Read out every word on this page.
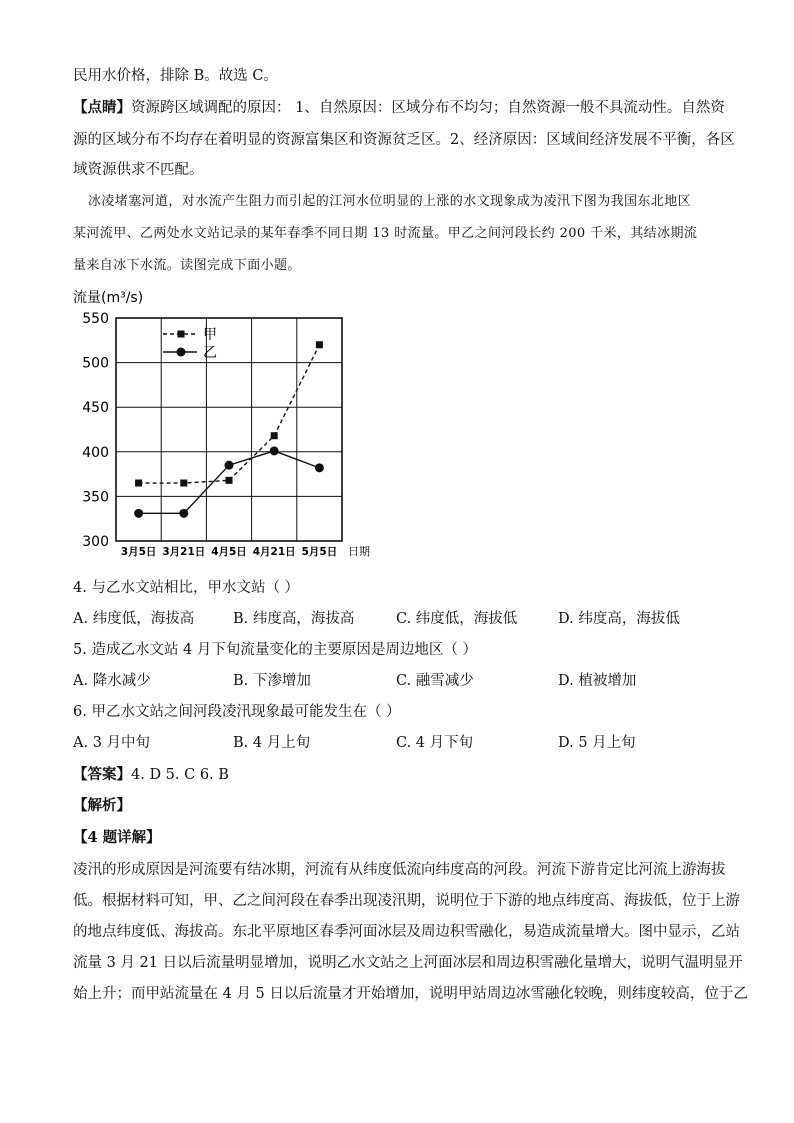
民用水价格，排除 B。故选 C。
【点睛】资源跨区域调配的原因： 1、自然原因：区域分布不均匀；自然资源一般不具流动性。自然资
源的区域分布不均存在着明显的资源富集区和资源贫乏区。2、经济原因：区域间经济发展不平衡，各区
域资源供求不匹配。
冰凌堵塞河道，对水流产生阻力而引起的江河水位明显的上涨的水文现象成为凌汛下图为我国东北地区
某河流甲、乙两处水文站记录的某年春季不同日期 13 时流量。甲乙之间河段长约 200 千米，其结冰期流
量来自冰下水流。读图完成下面小题。
550
500
450
400
350
300
3月5日 3月21日 4月5日 4月21日 5月5日
甲
乙
流量(m³/s)
日期
4. 与乙水文站相比，甲水文站（ ）
A. 纬度低，海拔高	B. 纬度高，海拔高	C. 纬度低，海拔低	D. 纬度高，海拔低
5. 造成乙水文站 4 月下旬流量变化的主要原因是周边地区（ ）
A. 降水减少	B. 下渗增加	C. 融雪减少	D. 植被增加
6. 甲乙水文站之间河段凌汛现象最可能发生在（ ）
A. 3 月中旬	B. 4 月上旬	C. 4 月下旬	D. 5 月上旬
【答案】4. D 5. C 6. B
【解析】
【4 题详解】
凌汛的形成原因是河流要有结冰期，河流有从纬度低流向纬度高的河段。河流下游肯定比河流上游海拔
低。根据材料可知，甲、乙之间河段在春季出现凌汛期，说明位于下游的地点纬度高、海拔低，位于上游
的地点纬度低、海拔高。东北平原地区春季河面冰层及周边积雪融化，易造成流量增大。图中显示，乙站
流量 3 月 21 日以后流量明显增加，说明乙水文站之上河面冰层和周边积雪融化量增大，说明气温明显开
始上升；而甲站流量在 4 月 5 日以后流量才开始增加，说明甲站周边冰雪融化较晚，则纬度较高，位于乙
